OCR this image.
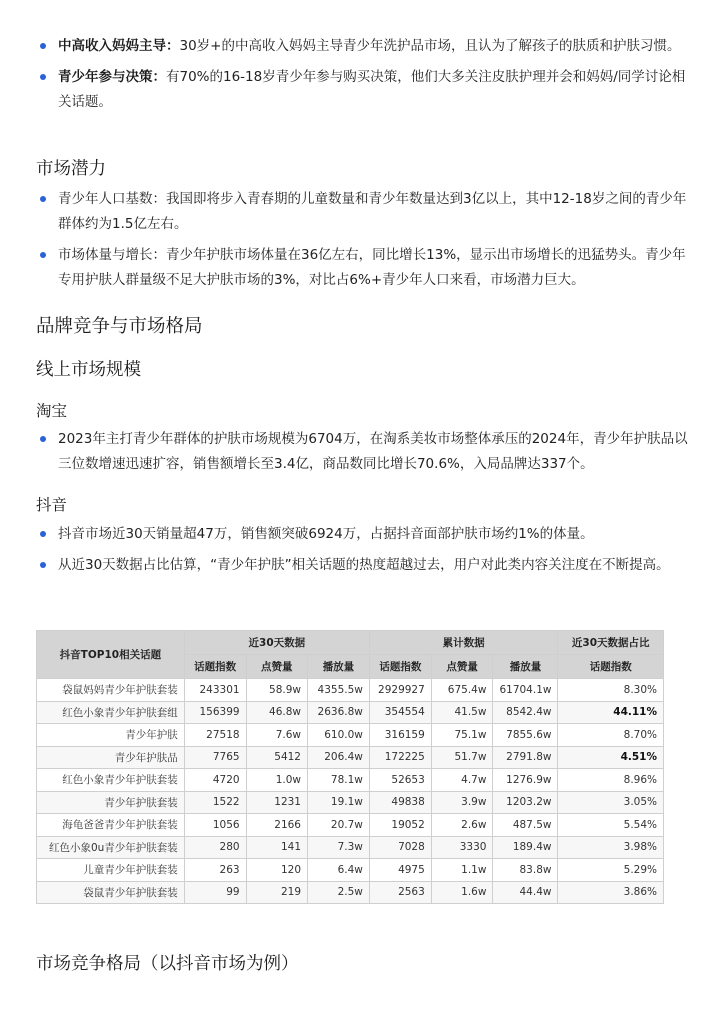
中高收入妈妈主导：30岁+的中高收入妈妈主导青少年洗护品市场，且认为了解孩子的肤质和护肤习惯。
青少年参与决策：有70%的16-18岁青少年参与购买决策，他们大多关注皮肤护理并会和妈妈/同学讨论相关话题。
市场潜力
青少年人口基数：我国即将步入青春期的儿童数量和青少年数量达到3亿以上，其中12-18岁之间的青少年群体约为1.5亿左右。
市场体量与增长：青少年护肤市场体量在36亿左右，同比增长13%，显示出市场增长的迅猛势头。青少年专用护肤人群量级不足大护肤市场的3%，对比占6%+青少年人口来看，市场潜力巨大。
品牌竞争与市场格局
线上市场规模
淘宝
2023年主打青少年群体的护肤市场规模为6704万，在淘系美妆市场整体承压的2024年，青少年护肤品以三位数增速迅速扩容，销售额增长至3.4亿，商品数同比增长70.6%，入局品牌达337个。
抖音
抖音市场近30天销量超47万，销售额突破6924万，占据抖音面部护肤市场约1%的体量。
从近30天数据占比估算，“青少年护肤”相关话题的热度超越过去，用户对此类内容关注度在不断提高。
抖音TOP10相关话题	近30天数据			累计数据			近30天数据占比
	话题指数	点赞量	播放量	话题指数	点赞量	播放量	话题指数
袋鼠妈妈青少年护肤套装	243301	58.9w	4355.5w	2929927	675.4w	61704.1w	8.30%
红色小象青少年护肤套组	156399	46.8w	2636.8w	354554	41.5w	8542.4w	44.11%
青少年护肤	27518	7.6w	610.0w	316159	75.1w	7855.6w	8.70%
青少年护肤品	7765	5412	206.4w	172225	51.7w	2791.8w	4.51%
红色小象青少年护肤套装	4720	1.0w	78.1w	52653	4.7w	1276.9w	8.96%
青少年护肤套装	1522	1231	19.1w	49838	3.9w	1203.2w	3.05%
海龟爸爸青少年护肤套装	1056	2166	20.7w	19052	2.6w	487.5w	5.54%
红色小象0u青少年护肤套装	280	141	7.3w	7028	3330	189.4w	3.98%
儿童青少年护肤套装	263	120	6.4w	4975	1.1w	83.8w	5.29%
袋鼠青少年护肤套装	99	219	2.5w	2563	1.6w	44.4w	3.86%
市场竞争格局（以抖音市场为例）
